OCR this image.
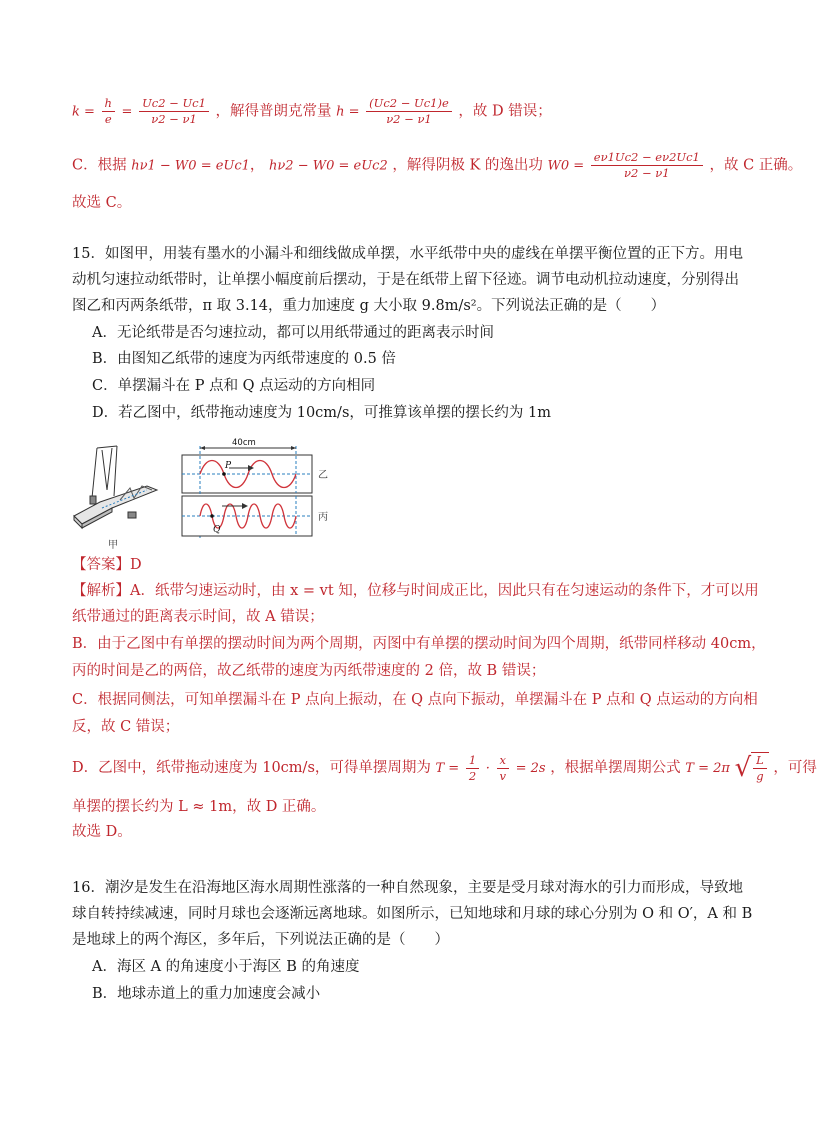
$k = \frac{h}{e} = \frac{Uc2 - Uc1}{\nu 2 - \nu 1}$ ，解得普朗克常量 $h = \frac{(Uc2 - Uc1)e}{\nu 2 - \nu 1}$ ，故 D 错误；
C．根据 hν1 − W0 = eUc1， hν2 − W0 = eUc2 ，解得阴极 K 的逸出功 $W0 = \frac{e\nu 1Uc2 - e\nu 2Uc1}{\nu 2 - \nu 1}$ ，故 C 正确。
故选 C。
15．如图甲，用装有墨水的小漏斗和细线做成单摆，水平纸带中央的虚线在单摆平衡位置的正下方。用电
动机匀速拉动纸带时，让单摆小幅度前后摆动，于是在纸带上留下径迹。调节电动机拉动速度，分别得出
图乙和丙两条纸带，π 取 3.14，重力加速度 g 大小取 9.8m/s²。下列说法正确的是（　　）
A．无论纸带是否匀速拉动，都可以用纸带通过的距离表示时间
B．由图知乙纸带的速度为丙纸带速度的 0.5 倍
C．单摆漏斗在 P 点和 Q 点运动的方向相同
D．若乙图中，纸带拖动速度为 10cm/s，可推算该单摆的摆长约为 1m
甲
P
乙
40cm
Q
丙
【答案】D
【解析】A．纸带匀速运动时，由 x = vt 知，位移与时间成正比，因此只有在匀速运动的条件下，才可以用
纸带通过的距离表示时间，故 A 错误；
B．由于乙图中有单摆的摆动时间为两个周期，丙图中有单摆的摆动时间为四个周期，纸带同样移动 40cm，
丙的时间是乙的两倍，故乙纸带的速度为丙纸带速度的 2 倍，故 B 错误；
C．根据同侧法，可知单摆漏斗在 P 点向上振动，在 Q 点向下振动，单摆漏斗在 P 点和 Q 点运动的方向相
反，故 C 错误；
D．乙图中，纸带拖动速度为 10cm/s，可得单摆周期为 $T = \frac{1}{2} \cdot \frac{x}{v} = 2s$ ，根据单摆周期公式 T = 2π √ $\frac{L}{g}$ ，可得
单摆的摆长约为 L ≈ 1m，故 D 正确。
故选 D。
16．潮汐是发生在沿海地区海水周期性涨落的一种自然现象，主要是受月球对海水的引力而形成，导致地
球自转持续减速，同时月球也会逐渐远离地球。如图所示，已知地球和月球的球心分别为 O 和 O′，A 和 B
是地球上的两个海区，多年后，下列说法正确的是（　　）
A．海区 A 的角速度小于海区 B 的角速度
B．地球赤道上的重力加速度会减小
